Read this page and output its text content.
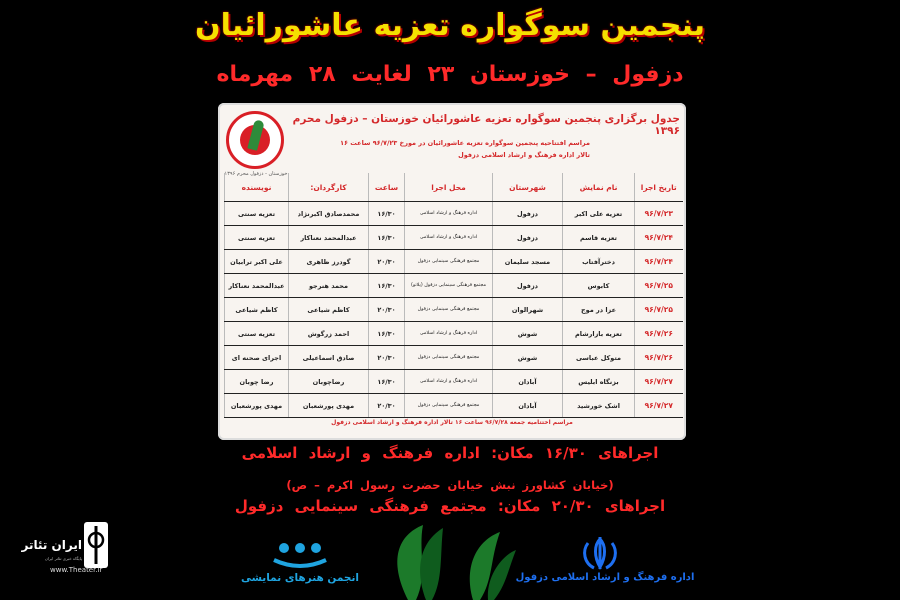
پنجمین سوگواره تعزیه عاشورائیان
دزفول – خوزستان ۲۳ لغایت ۲۸ مهرماه
خوزستان - دزفول محرم ۱۳۹۶
جدول برگزاری پنجمین سوگواره تعزیه عاشورائیان خوزستان – دزفول محرم ۱۳۹۶
مراسم افتتاحیه پنجمین سوگواره تعزیه عاشورائیان در مورخ ۹۶/۷/۲۳ ساعت ۱۶
تالار اداره فرهنگ و ارشاد اسلامی دزفول
تاریخ اجرا	نام نمایش	شهرستان	محل اجرا	ساعت	کارگردان:	نویسنده
۹۶/۷/۲۳	تعزیه علی اکبر	دزفول	اداره فرهنگ و ارشاد اسلامی	۱۶/۳۰	محمدصادق اکبرنژاد	تعزیه سنتی
۹۶/۷/۲۴	تعزیه قاسم	دزفول	اداره فرهنگ و ارشاد اسلامی	۱۶/۳۰	عبدالمحمد نعناکار	تعزیه سنتی
۹۶/۷/۲۴	دخترآفتاب	مسجد سلیمان	مجتمع فرهنگی سینمایی دزفول	۲۰/۳۰	گودرز ظاهری	علی اکبر ترابیان
۹۶/۷/۲۵	کابوس	دزفول	مجتمع فرهنگی سینمایی دزفول (پلاتو)	۱۶/۳۰	محمد هنرجو	عبدالمحمد نعناکار
۹۶/۷/۲۵	عزا در موج	شهرالوان	مجتمع فرهنگی سینمایی دزفول	۲۰/۳۰	کاظم شیاعی	کاظم شیاعی
۹۶/۷/۲۶	تعزیه بازارشام	شوش	اداره فرهنگ و ارشاد اسلامی	۱۶/۳۰	احمد زرگوش	تعزیه سنتی
۹۶/۷/۲۶	متوکل عباسی	شوش	مجتمع فرهنگی سینمایی دزفول	۲۰/۳۰	صادق اسماعیلی	اجرای صحنه ای
۹۶/۷/۲۷	بزنگاه ابلیس	آبادان	اداره فرهنگ و ارشاد اسلامی	۱۶/۳۰	رضاچوبان	رضا چوبان
۹۶/۷/۲۷	اشک خورشید	آبادان	مجتمع فرهنگی سینمایی دزفول	۲۰/۳۰	مهدی پورشعبان	مهدی پورشعبان
مراسم اختتامیه جمعه ۹۶/۷/۲۸ ساعت ۱۶ تالار اداره فرهنگ و ارشاد اسلامی دزفول
اجراهای ۱۶/۳۰ مکان: اداره فرهنگ و ارشاد اسلامی
(خیابان کشاورز نبش خیابان حضرت رسول اکرم – ص)
اجراهای ۲۰/۳۰ مکان: مجتمع فرهنگی سینمایی دزفول
اداره فرهنگ و ارشاد اسلامی دزفول
انجمن هنرهای نمایشی
ایران تئاتر
پایگاه خبری تئاتر ایران
www.Theater.ir
